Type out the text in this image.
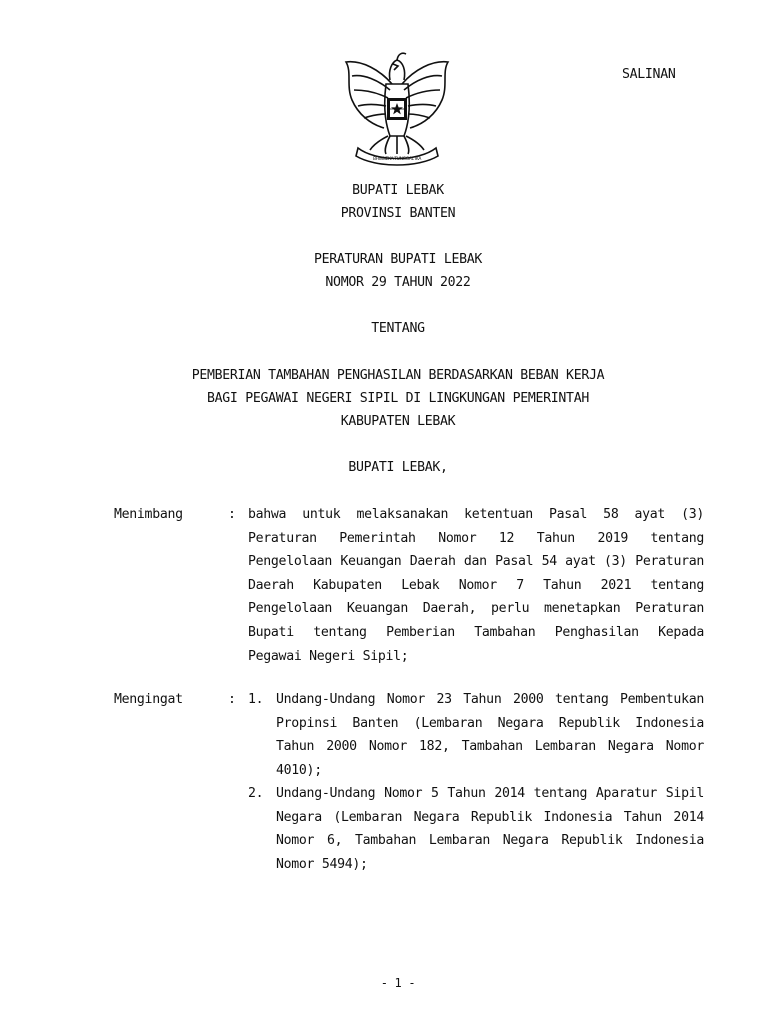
SALINAN
BHINNEKA TUNGGAL IKA
BUPATI LEBAK
PROVINSI BANTEN
PERATURAN BUPATI LEBAK
NOMOR 29 TAHUN 2022
TENTANG
PEMBERIAN TAMBAHAN PENGHASILAN BERDASARKAN BEBAN KERJA
BAGI PEGAWAI NEGERI SIPIL DI LINGKUNGAN PEMERINTAH
KABUPATEN LEBAK
BUPATI LEBAK,
Menimbang	: bahwa untuk melaksanakan ketentuan Pasal 58 ayat (3) Peraturan Pemerintah Nomor 12 Tahun 2019 tentang Pengelolaan Keuangan Daerah dan Pasal 54 ayat (3) Peraturan Daerah Kabupaten Lebak Nomor 7 Tahun 2021 tentang Pengelolaan Keuangan Daerah, perlu menetapkan Peraturan Bupati tentang Pemberian Tambahan Penghasilan Kepada Pegawai Negeri Sipil;
Mengingat	: 1. Undang-Undang Nomor 23 Tahun 2000 tentang Pembentukan Propinsi Banten (Lembaran Negara Republik Indonesia Tahun 2000 Nomor 182, Tambahan Lembaran Negara Nomor 4010);
2. Undang-Undang Nomor 5 Tahun 2014 tentang Aparatur Sipil Negara (Lembaran Negara Republik Indonesia Tahun 2014 Nomor 6, Tambahan Lembaran Negara Republik Indonesia Nomor 5494);
- 1 -
